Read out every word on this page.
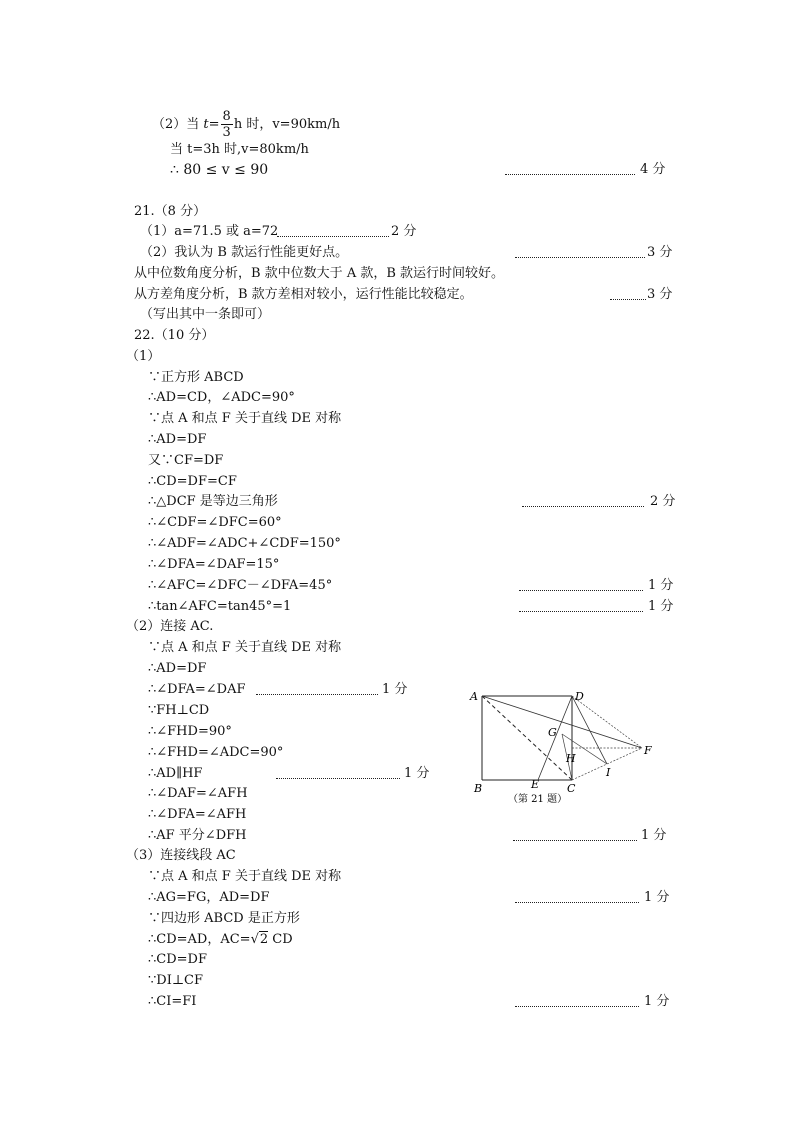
（2）当 $t= \frac{8}{3}$ h 时，v=90km/h
当 t=3h 时,v=80km/h
∴ 80 ≤ v ≤ 90	4 分
21.（8 分）
（1）a=71.5 或 a=72	2 分
（2）我认为 B 款运行性能更好点。	3 分
从中位数角度分析，B 款中位数大于 A 款，B 款运行时间较好。
从方差角度分析，B 款方差相对较小，运行性能比较稳定。	3 分
（写出其中一条即可）
22.（10 分）
（1）
∵正方形 ABCD
∴AD=CD，∠ADC=90°
∵点 A 和点 F 关于直线 DE 对称
∴AD=DF
又∵CF=DF
∴CD=DF=CF
∴△DCF 是等边三角形	2 分
∴∠CDF=∠DFC=60°
∴∠ADF=∠ADC+∠CDF=150°
∴∠DFA=∠DAF=15°
∴∠AFC=∠DFC－∠DFA=45°	1 分
∴tan∠AFC=tan45°=1	1 分
（2）连接 AC.
∵点 A 和点 F 关于直线 DE 对称
∴AD=DF
∴∠DFA=∠DAF	1 分
∵FH⊥CD
∴∠FHD=90°
∴∠FHD=∠ADC=90°
∴AD∥HF	1 分
∴∠DAF=∠AFH
∴∠DFA=∠AFH
∴AF 平分∠DFH	1 分
（3）连接线段 AC
∵点 A 和点 F 关于直线 DE 对称
∴AG=FG，AD=DF	1 分
∵四边形 ABCD 是正方形
∴CD=AD，AC=√2 CD
∴CD=DF
∵DI⊥CF
∴CI=FI	1 分
A
B	C
D
E
F
G
H
I
（第 21 题）
